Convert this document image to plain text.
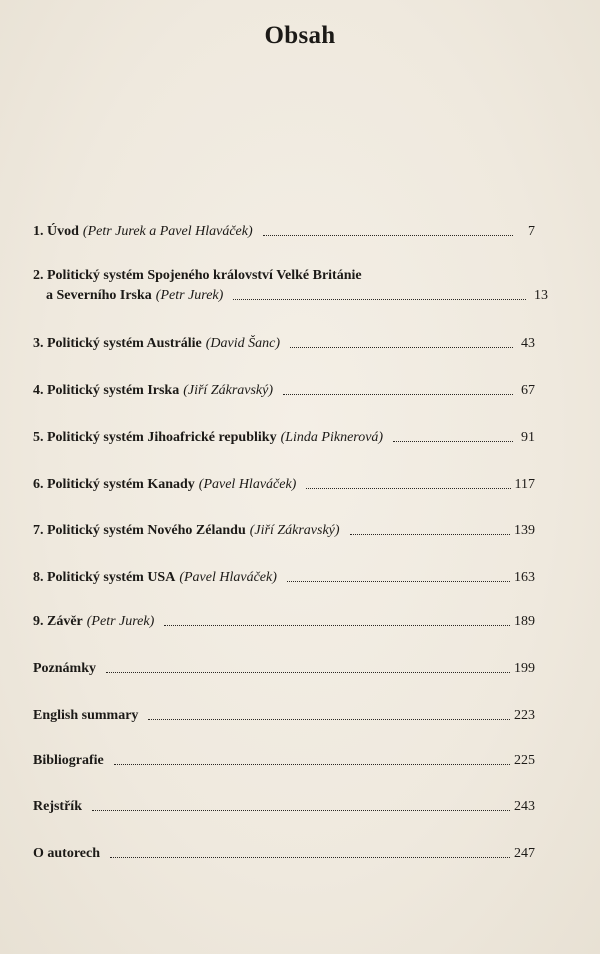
Obsah
1. Úvod (Petr Jurek a Pavel Hlaváček)	7
2. Politický systém Spojeného království Velké Británie
a Severního Irska (Petr Jurek)	13
3. Politický systém Austrálie (David Šanc)	43
4. Politický systém Irska (Jiří Zákravský)	67
5. Politický systém Jihoafrické republiky (Linda Piknerová)	91
6. Politický systém Kanady (Pavel Hlaváček)	117
7. Politický systém Nového Zélandu (Jiří Zákravský)	139
8. Politický systém USA (Pavel Hlaváček)	163
9. Závěr (Petr Jurek)	189
Poznámky	199
English summary	223
Bibliografie	225
Rejstřík	243
O autorech	247
